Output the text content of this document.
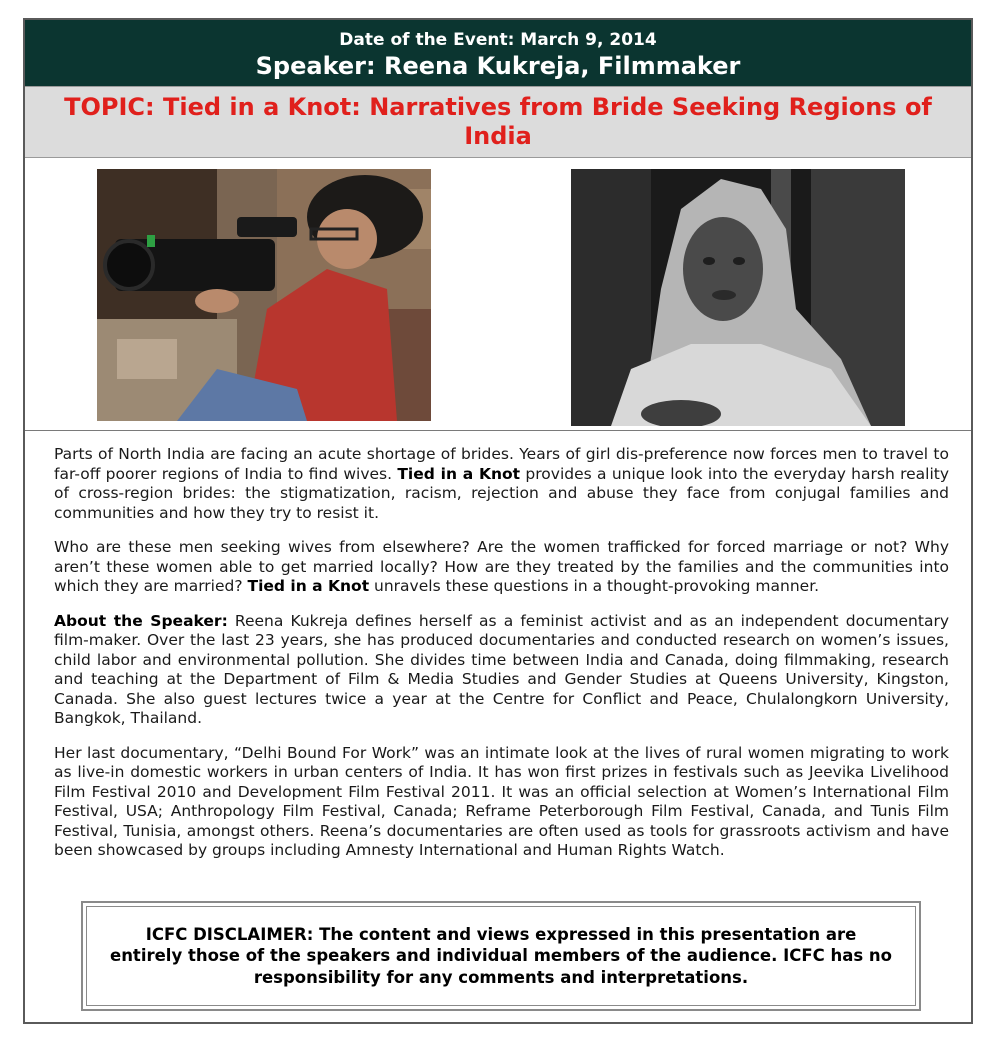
Date of the Event: March 9, 2014
Speaker: Reena Kukreja, Filmmaker
TOPIC: Tied in a Knot: Narratives from Bride Seeking Regions of India

Parts of North India are facing an acute shortage of brides. Years of girl dis-preference now forces men to travel to far-off poorer regions of India to find wives. Tied in a Knot provides a unique look into the everyday harsh reality of cross-region brides: the stigmatization, racism, rejection and abuse they face from conjugal families and communities and how they try to resist it.

Who are these men seeking wives from elsewhere? Are the women trafficked for forced marriage or not? Why aren’t these women able to get married locally? How are they treated by the families and the communities into which they are married? Tied in a Knot unravels these questions in a thought-provoking manner.

About the Speaker: Reena Kukreja defines herself as a feminist activist and as an independent documentary film-maker. Over the last 23 years, she has produced documentaries and conducted research on women’s issues, child labor and environmental pollution. She divides time between India and Canada, doing filmmaking, research and teaching at the Department of Film & Media Studies and Gender Studies at Queens University, Kingston, Canada. She also guest lectures twice a year at the Centre for Conflict and Peace, Chulalongkorn University, Bangkok, Thailand.

Her last documentary, “Delhi Bound For Work” was an intimate look at the lives of rural women migrating to work as live-in domestic workers in urban centers of India. It has won first prizes in festivals such as Jeevika Livelihood Film Festival 2010 and Development Film Festival 2011. It was an official selection at Women’s International Film Festival, USA; Anthropology Film Festival, Canada; Reframe Peterborough Film Festival, Canada, and Tunis Film Festival, Tunisia, amongst others. Reena’s documentaries are often used as tools for grassroots activism and have been showcased by groups including Amnesty International and Human Rights Watch.

ICFC DISCLAIMER: The content and views expressed in this presentation are entirely those of the speakers and individual members of the audience. ICFC has no responsibility for any comments and interpretations.
